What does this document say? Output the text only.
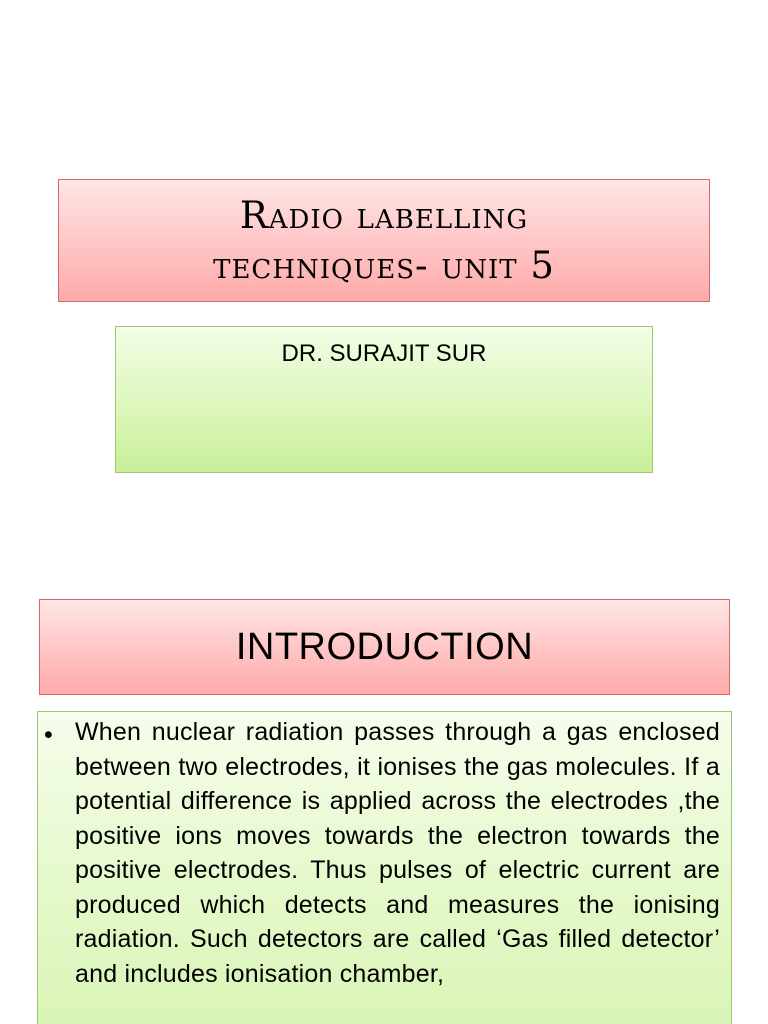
Radio labelling techniques- unit 5
DR. SURAJIT SUR
INTRODUCTION
• When nuclear radiation passes through a gas enclosed between two electrodes, it ionises the gas molecules. If a potential difference is applied across the electrodes ,the positive ions moves towards the electron towards the positive electrodes. Thus pulses of electric current are produced which detects and measures the ionising radiation. Such detectors are called ‘Gas filled detector’ and includes ionisation chamber,
